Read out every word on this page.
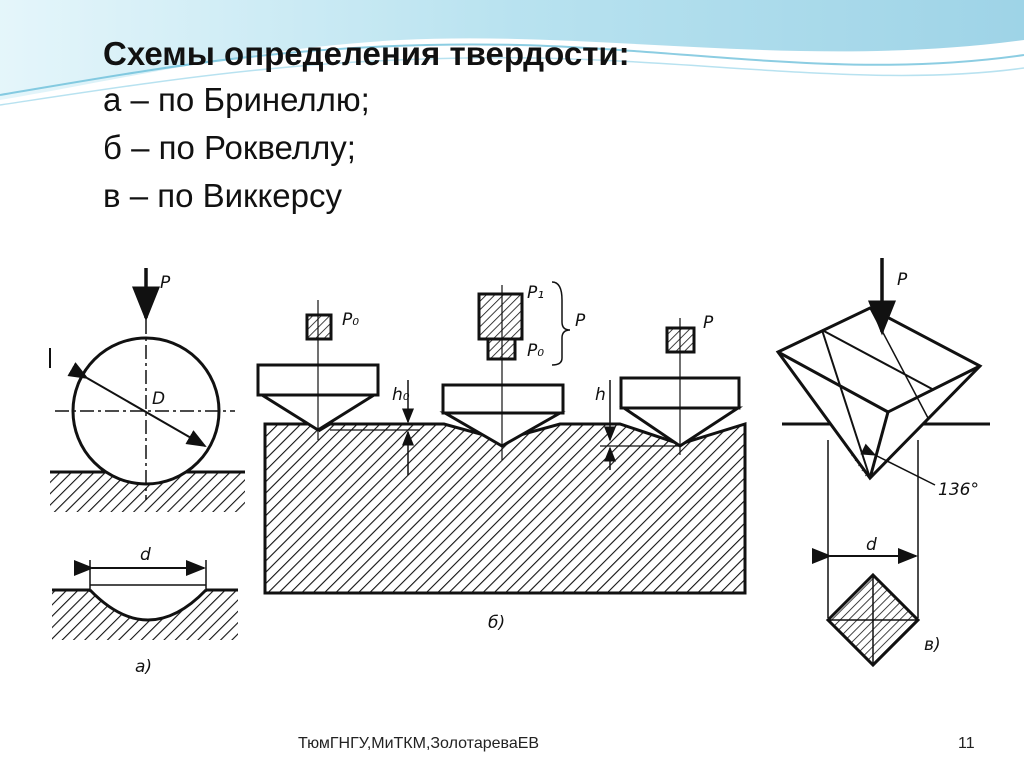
Схемы определения твердости:

а – по Бринеллю;

б – по Роквеллу;

в – по Виккерсу

P
D
d
а)
P₀
P₁
P₀
P	P
h₀	h
б)
P
136°
d
в)
ТюмГНГУ,МиТКМ,ЗолотареваЕВ	11
